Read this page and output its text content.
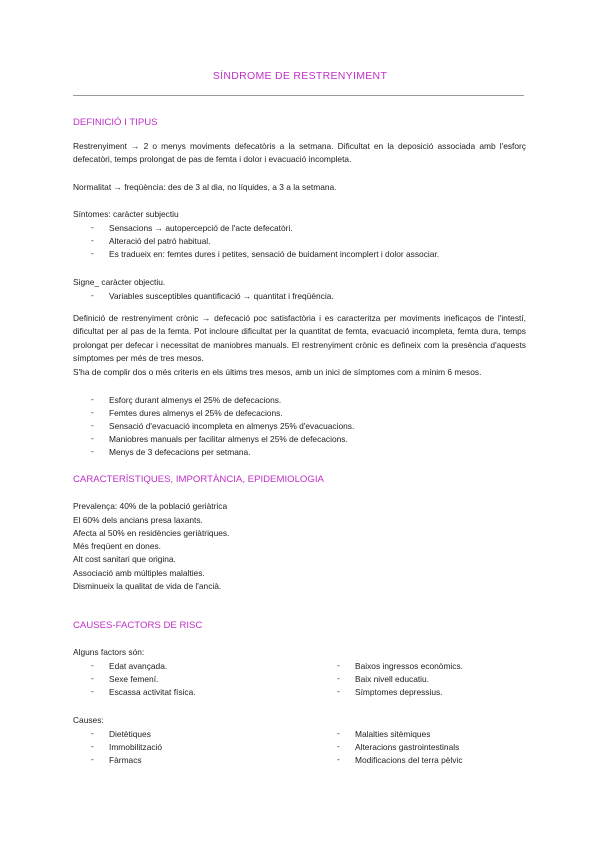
SÍNDROME DE RESTRENYIMENT
DEFINICIÓ I TIPUS
Restrenyiment → 2 o menys moviments defecatòris a la setmana. Dificultat en la deposició associada amb l'esforç defecatòri, temps prolongat de pas de femta i dolor i evacuació incompleta.
Normalitat → freqüència: des de 3 al dia, no líquides, a 3 a la setmana.
Síntomes: caràcter subjectiu
- Sensacions → autopercepció de l'acte defecatòri.
- Alteració del patró habitual.
- Es tradueix en: femtes dures i petites, sensació de buidament incomplert i dolor associar.
Signe_ caràcter objectiu.
- Variables susceptibles quantificació → quantitat i freqüència.
Definició de restrenyiment crònic → defecació poc satisfactòria i es caracteritza per moviments ineficaços de l'intestí, dificultat per al pas de la femta. Pot incloure dificultat per la quantitat de femta, evacuació incompleta, femta dura, temps prolongat per defecar i necessitat de maniobres manuals. El restrenyiment crònic es defineix com la presència d'aquests símptomes per més de tres mesos.
S'ha de complir dos o més criteris en els últims tres mesos, amb un inici de símptomes com a mínim 6 mesos.
- Esforç durant almenys el 25% de defecacions.
- Femtes dures almenys el 25% de defecacions.
- Sensació d'evacuació incompleta en almenys 25% d'evacuacions.
- Maniobres manuals per facilitar almenys el 25% de defecacions.
- Menys de 3 defecacions per setmana.
CARACTERÍSTIQUES, IMPORTÀNCIA, EPIDEMIOLOGIA
Prevalença: 40% de la població geriàtrica
El 60% dels ancians presa laxants.
Afecta al 50% en residències geriàtriques.
Més freqüent en dones.
Alt cost sanitari que origina.
Associació amb múltiples malalties.
Disminueix la qualitat de vida de l'ancià.
CAUSES-FACTORS DE RISC
Alguns factors són:
- Edat avançada.
- Sexe femení.
- Escassa activitat física.
- Baixos ingressos econòmics.
- Baix nivell educatiu.
- Símptomes depressius.
Causes:
- Dietètiques
- Immobilització
- Fàrmacs
- Malalties sitèmiques
- Alteracions gastrointestinals
- Modificacions del terra pèlvic
